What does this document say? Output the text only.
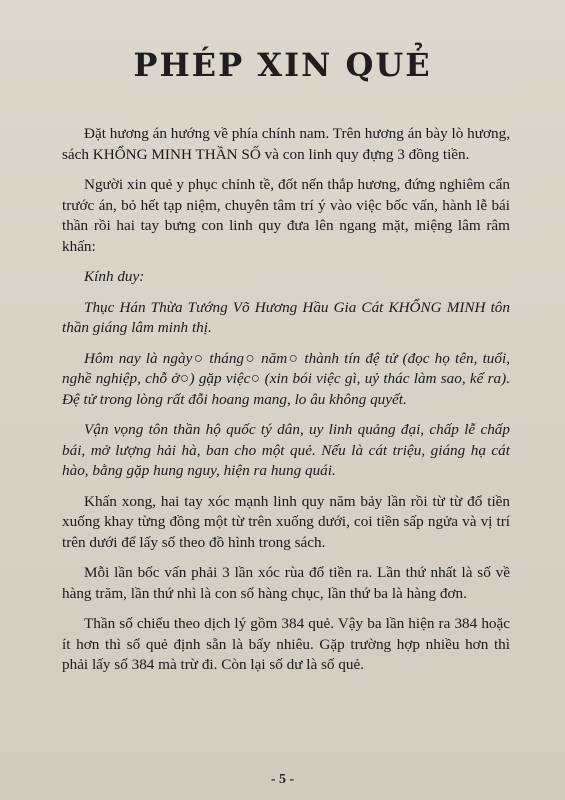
PHÉP XIN QUẺ

Đặt hương án hướng về phía chính nam. Trên hương án bày lò hương, sách KHỔNG MINH THẦN SỐ và con linh quy đựng 3 đồng tiền.

Người xin quẻ y phục chỉnh tề, đốt nến thắp hương, đứng nghiêm cẩn trước án, bỏ hết tạp niệm, chuyên tâm trí ý vào việc bốc vấn, hành lễ bái thần rồi hai tay bưng con linh quy đưa lên ngang mặt, miệng lâm râm khấn:

Kính duy:

Thục Hán Thừa Tướng Võ Hương Hầu Gia Cát KHỔNG MINH tôn thần giáng lâm minh thị.

Hôm nay là ngày○ tháng○ năm○ thành tín đệ tử (đọc họ tên, tuổi, nghề nghiệp, chỗ ở○) gặp việc○ (xin bói việc gì, uỷ thác làm sao, kể ra). Đệ tử trong lòng rất đỗi hoang mang, lo âu không quyết.

Vận vọng tôn thần hộ quốc tý dân, uy linh quảng đại, chấp lễ chấp bái, mở lượng hải hà, ban cho một quẻ. Nếu là cát triệu, giáng hạ cát hào, bằng gặp hung nguy, hiện ra hung quái.

Khấn xong, hai tay xóc mạnh linh quy năm bảy lần rồi từ từ đổ tiền xuống khay từng đồng một từ trên xuống dưới, coi tiền sấp ngửa và vị trí trên dưới để lấy số theo đồ hình trong sách.

Mỗi lần bốc vấn phải 3 lần xóc rùa đổ tiền ra. Lần thứ nhất là số về hàng trăm, lần thứ nhì là con số hàng chục, lần thứ ba là hàng đơn.

Thần số chiếu theo dịch lý gồm 384 quẻ. Vậy ba lần hiện ra 384 hoặc ít hơn thì số quẻ định sẵn là bấy nhiêu. Gặp trường hợp nhiều hơn thì phải lấy số 384 mà trừ đi. Còn lại số dư là số quẻ.

- 5 -
